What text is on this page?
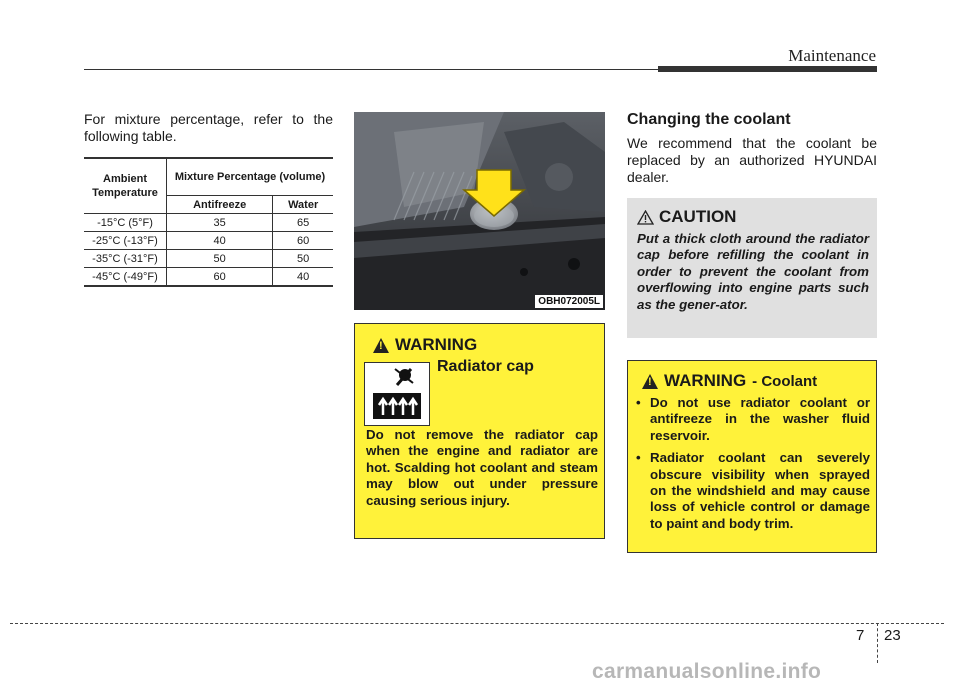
Maintenance
For mixture percentage, refer to the following table.
Ambient Temperature	Mixture Percentage (volume)	
	Antifreeze	Water
-15°C (5°F)	35	65
-25°C (-13°F)	40	60
-35°C (-31°F)	50	50
-45°C (-49°F)	60	40
OBH072005L
!
WARNING
Radiator cap
Do not remove the radiator cap when the engine and radiator are hot. Scalding hot coolant and steam may blow out under pressure causing serious injury.
Changing the coolant
We recommend that the coolant be replaced by an authorized HYUNDAI dealer.
CAUTION
Put a thick cloth around the radiator cap before refilling the coolant in order to prevent the coolant from overflowing into engine parts such as the gener-ator.
!
WARNING - Coolant
• Do not use radiator coolant or antifreeze in the washer fluid reservoir.
• Radiator coolant can severely obscure visibility when sprayed on the windshield and may cause loss of vehicle control or damage to paint and body trim.
7 23
carmanualsonline.info
